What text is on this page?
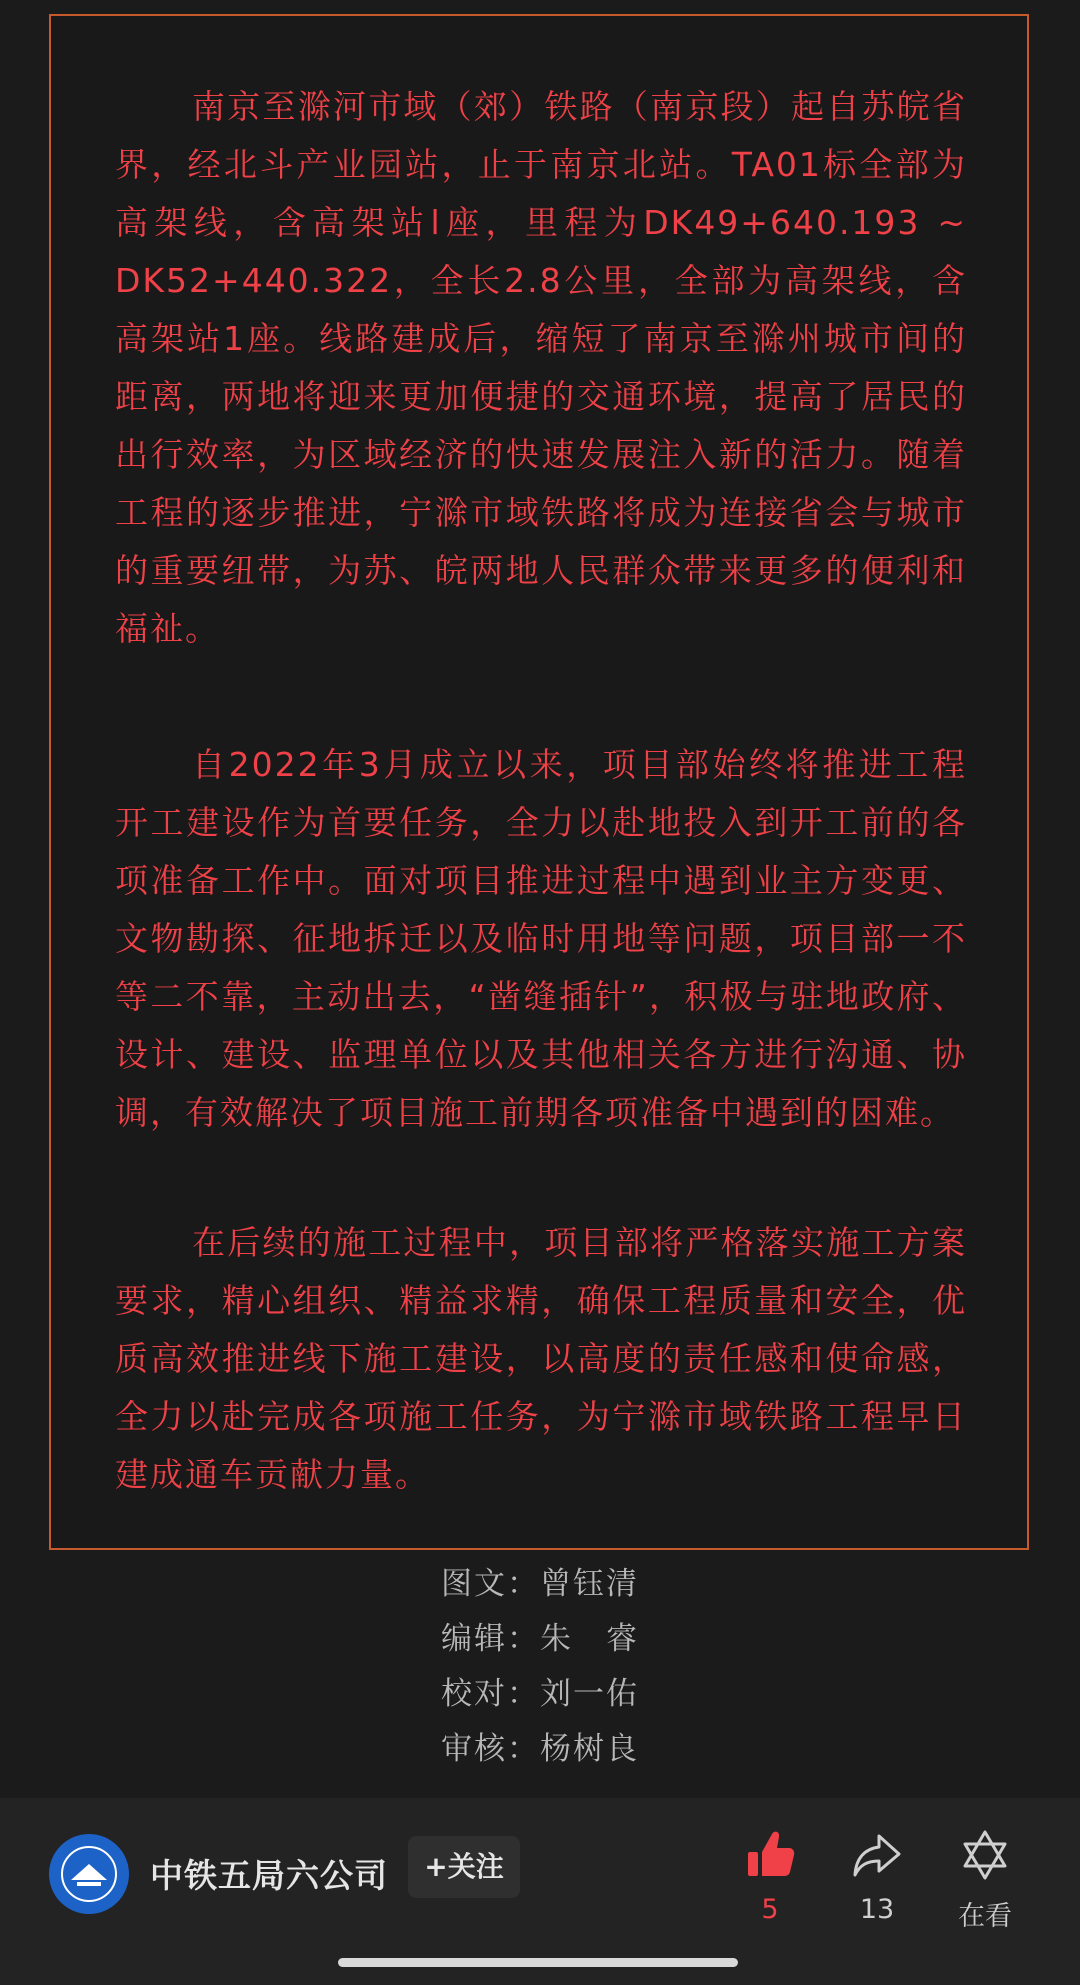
南京至滁河市域（郊）铁路（南京段）起自苏皖省界，经北斗产业园站，止于南京北站。TA01标全部为高架线，含高架站l座，里程为DK49+640.193 ~ DK52+440.322，全长2.8公里，全部为高架线，含高架站1座。线路建成后，缩短了南京至滁州城市间的距离，两地将迎来更加便捷的交通环境，提高了居民的出行效率，为区域经济的快速发展注入新的活力。随着工程的逐步推进，宁滁市域铁路将成为连接省会与城市的重要纽带，为苏、皖两地人民群众带来更多的便利和福祉。

自2022年3月成立以来，项目部始终将推进工程开工建设作为首要任务，全力以赴地投入到开工前的各项准备工作中。面对项目推进过程中遇到业主方变更、文物勘探、征地拆迁以及临时用地等问题，项目部一不等二不靠，主动出去，“凿缝插针”，积极与驻地政府、设计、建设、监理单位以及其他相关各方进行沟通、协调，有效解决了项目施工前期各项准备中遇到的困难。

在后续的施工过程中，项目部将严格落实施工方案要求，精心组织、精益求精，确保工程质量和安全，优质高效推进线下施工建设，以高度的责任感和使命感，全力以赴完成各项施工任务，为宁滁市域铁路工程早日建成通车贡献力量。

图文：曾钰清
编辑：朱　睿
校对：刘一佑
审核：杨树良
中铁五局六公司	+关注
5	13	在看
